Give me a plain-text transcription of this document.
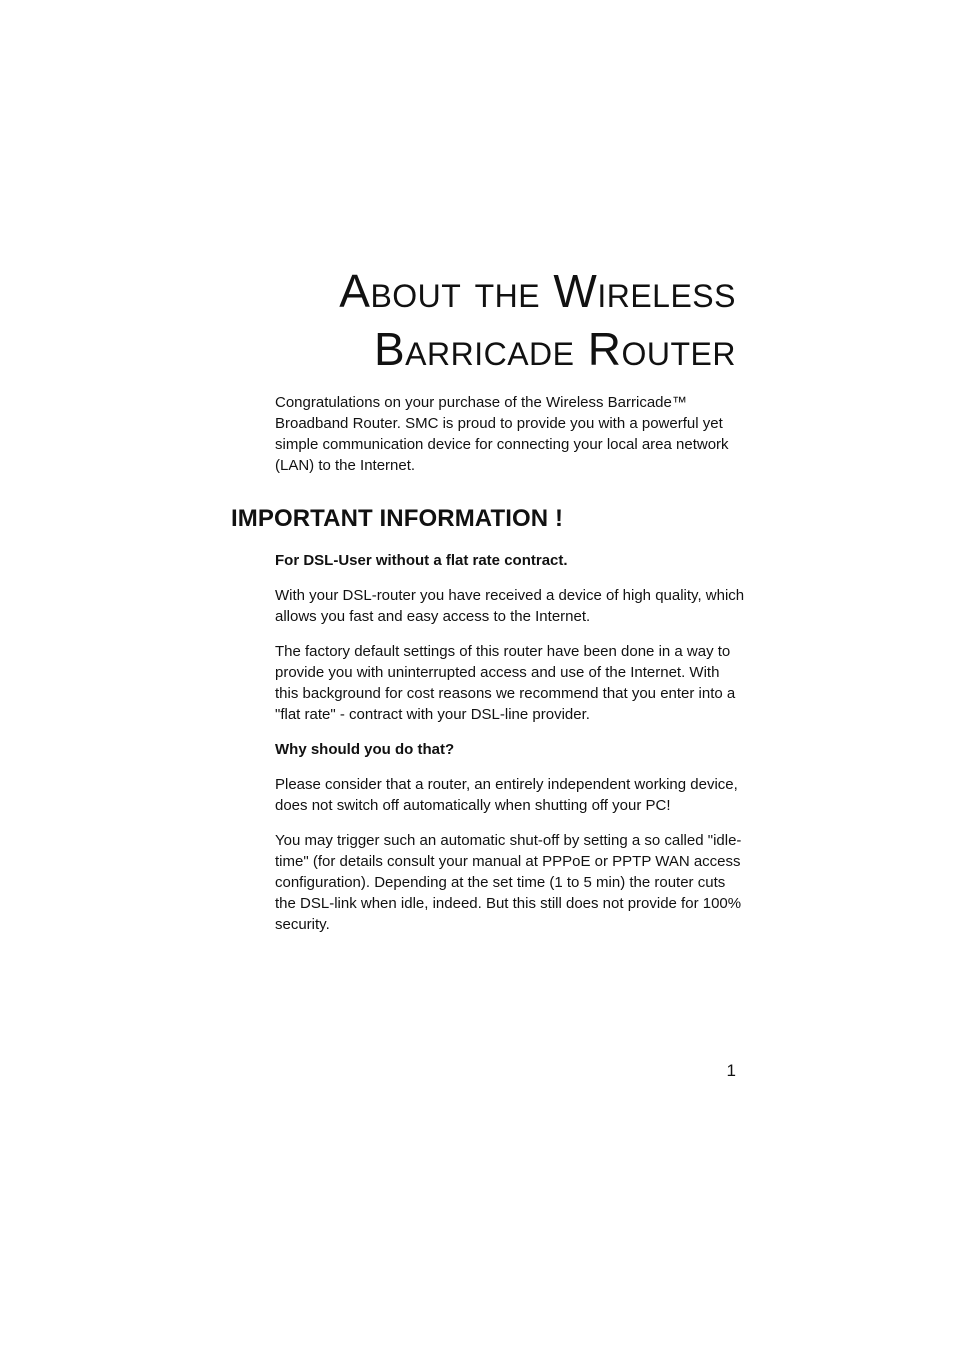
About the Wireless
Barricade Router

Congratulations on your purchase of the Wireless Barricade™ Broadband Router. SMC is proud to provide you with a powerful yet simple communication device for connecting your local area network (LAN) to the Internet.

IMPORTANT INFORMATION !

For DSL-User without a flat rate contract.

With your DSL-router you have received a device of high quality, which allows you fast and easy access to the Internet.

The factory default settings of this router have been done in a way to provide you with uninterrupted access and use of the Internet. With this background for cost reasons we recommend that you enter into a "flat rate" - contract with your DSL-line provider.

Why should you do that?

Please consider that a router, an entirely independent working device, does not switch off automatically when shutting off your PC!

You may trigger such an automatic shut-off by setting a so called "idle-time" (for details consult your manual at PPPoE or PPTP WAN access configuration). Depending at the set time (1 to 5 min) the router cuts the DSL-link when idle, indeed. But this still does not provide for 100% security.

1
